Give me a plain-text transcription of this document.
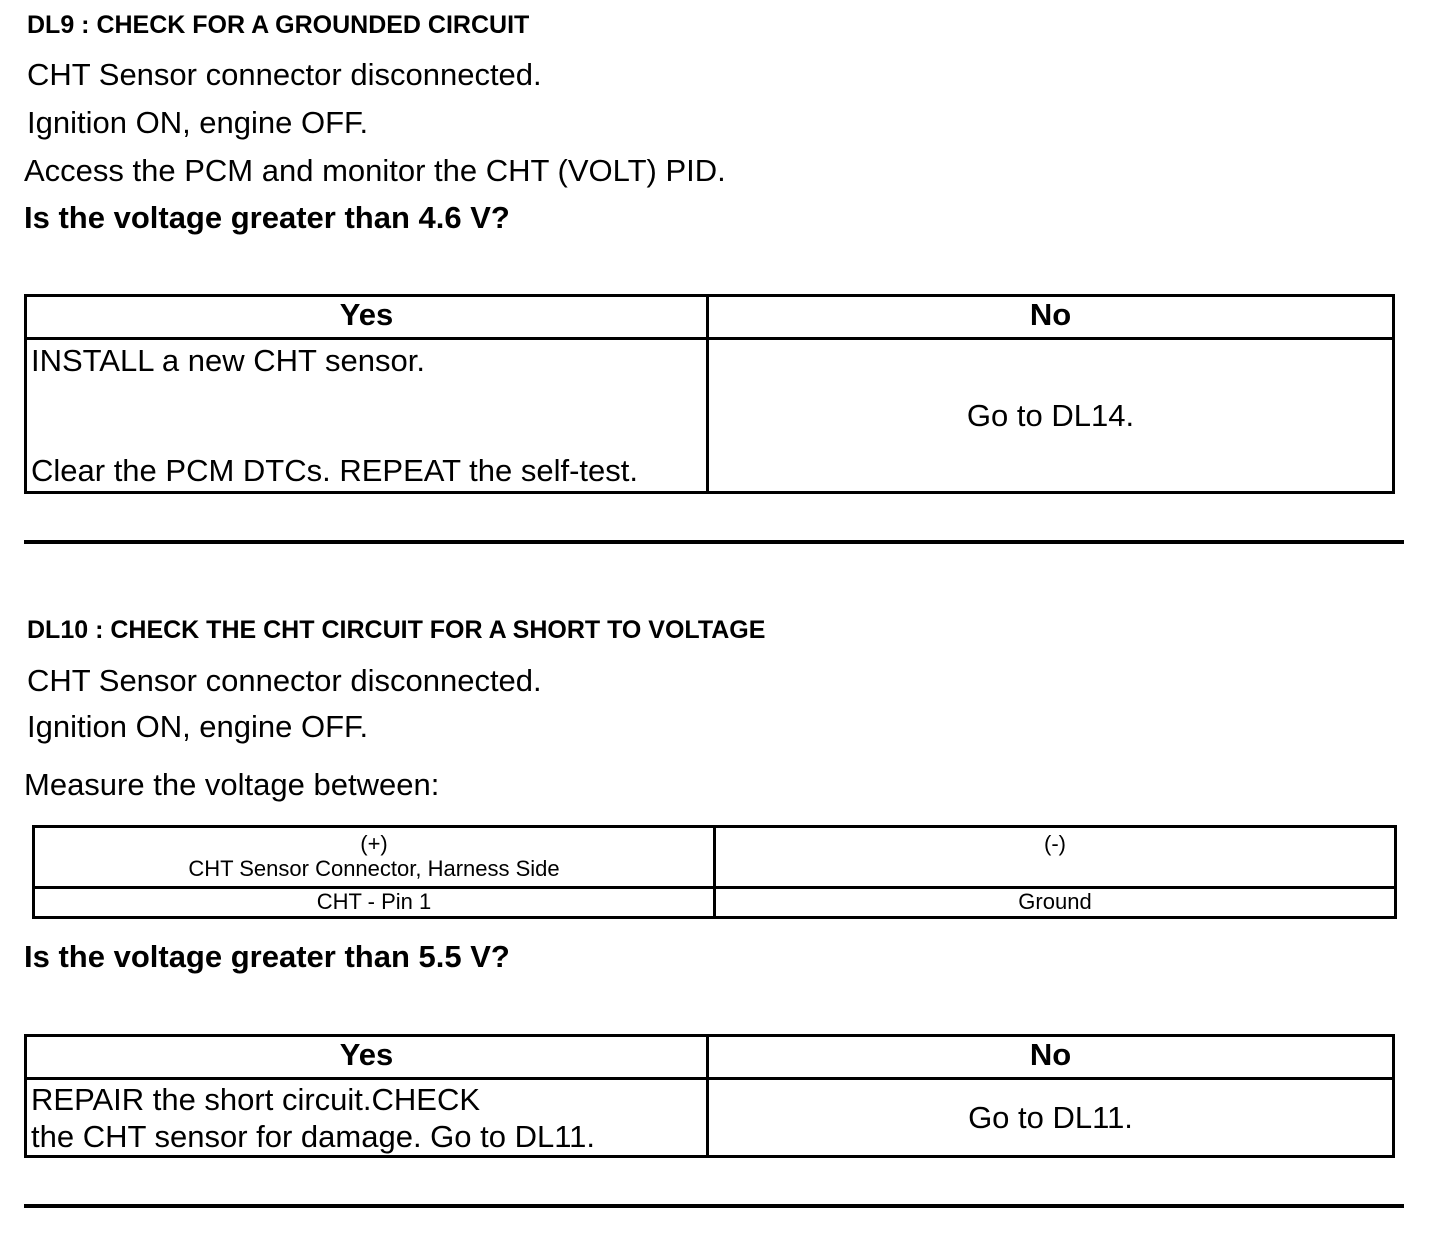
DL9 : CHECK FOR A GROUNDED CIRCUIT
CHT Sensor connector disconnected.
Ignition ON, engine OFF.
Access the PCM and monitor the CHT (VOLT) PID.
Is the voltage greater than 4.6 V?
Yes	No

INSTALL a new CHT sensor.
Clear the PCM DTCs. REPEAT the self-test.	Go to DL14.
DL10 : CHECK THE CHT CIRCUIT FOR A SHORT TO VOLTAGE
CHT Sensor connector disconnected.
Ignition ON, engine OFF.
Measure the voltage between:
(+)
CHT Sensor Connector, Harness Side	(-)

CHT - Pin 1	Ground
Is the voltage greater than 5.5 V?
Yes	No

REPAIR the short circuit.CHECK
the CHT sensor for damage. Go to DL11.	Go to DL11.
